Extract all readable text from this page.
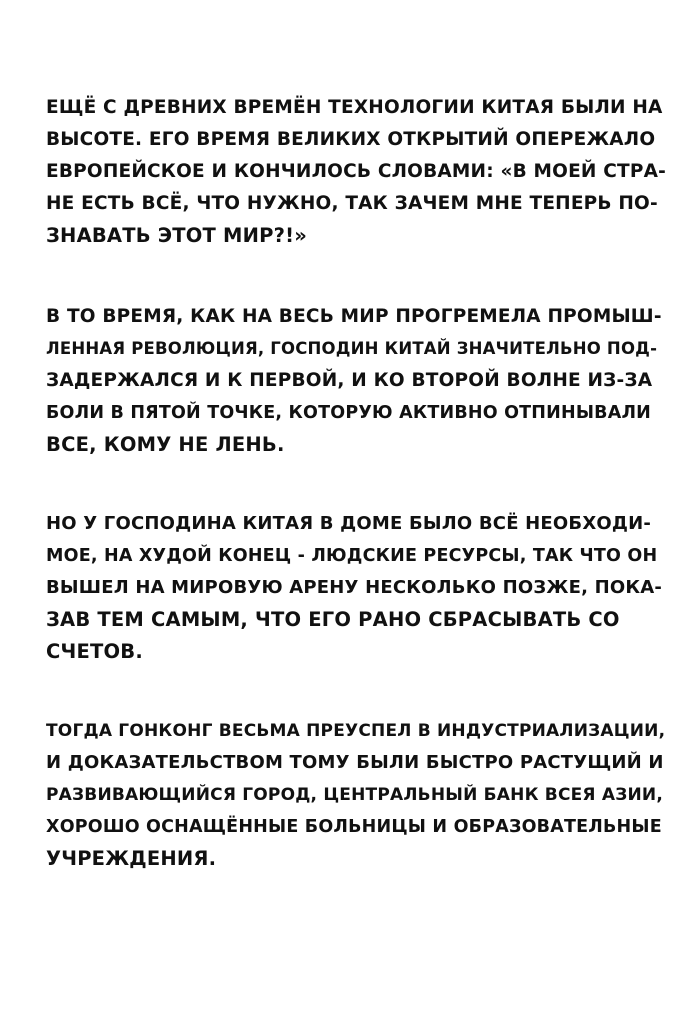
ЕЩЁ С ДРЕВНИХ ВРЕМЁН ТЕХНОЛОГИИ КИТАЯ БЫЛИ НА
ВЫСОТЕ. ЕГО ВРЕМЯ ВЕЛИКИХ ОТКРЫТИЙ ОПЕРЕЖАЛО
ЕВРОПЕЙСКОЕ И КОНЧИЛОСЬ СЛОВАМИ: «В МОЕЙ СТРА-
НЕ ЕСТЬ ВСЁ, ЧТО НУЖНО, ТАК ЗАЧЕМ МНЕ ТЕПЕРЬ ПО-
ЗНАВАТЬ ЭТОТ МИР?!»

В ТО ВРЕМЯ, КАК НА ВЕСЬ МИР ПРОГРЕМЕЛА ПРОМЫШ-
ЛЕННАЯ РЕВОЛЮЦИЯ, ГОСПОДИН КИТАЙ ЗНАЧИТЕЛЬНО ПОД-
ЗАДЕРЖАЛСЯ И К ПЕРВОЙ, И КО ВТОРОЙ ВОЛНЕ ИЗ-ЗА
БОЛИ В ПЯТОЙ ТОЧКЕ, КОТОРУЮ АКТИВНО ОТПИНЫВАЛИ
ВСЕ, КОМУ НЕ ЛЕНЬ.

НО У ГОСПОДИНА КИТАЯ В ДОМЕ БЫЛО ВСЁ НЕОБХОДИ-
МОЕ, НА ХУДОЙ КОНЕЦ - ЛЮДСКИЕ РЕСУРСЫ, ТАК ЧТО ОН
ВЫШЕЛ НА МИРОВУЮ АРЕНУ НЕСКОЛЬКО ПОЗЖЕ, ПОКА-
ЗАВ ТЕМ САМЫМ, ЧТО ЕГО РАНО СБРАСЫВАТЬ СО
СЧЕТОВ.

ТОГДА ГОНКОНГ ВЕСЬМА ПРЕУСПЕЛ В ИНДУСТРИАЛИЗАЦИИ,
И ДОКАЗАТЕЛЬСТВОМ ТОМУ БЫЛИ БЫСТРО РАСТУЩИЙ И
РАЗВИВАЮЩИЙСЯ ГОРОД, ЦЕНТРАЛЬНЫЙ БАНК ВСЕЯ АЗИИ,
ХОРОШО ОСНАЩЁННЫЕ БОЛЬНИЦЫ И ОБРАЗОВАТЕЛЬНЫЕ
УЧРЕЖДЕНИЯ.
